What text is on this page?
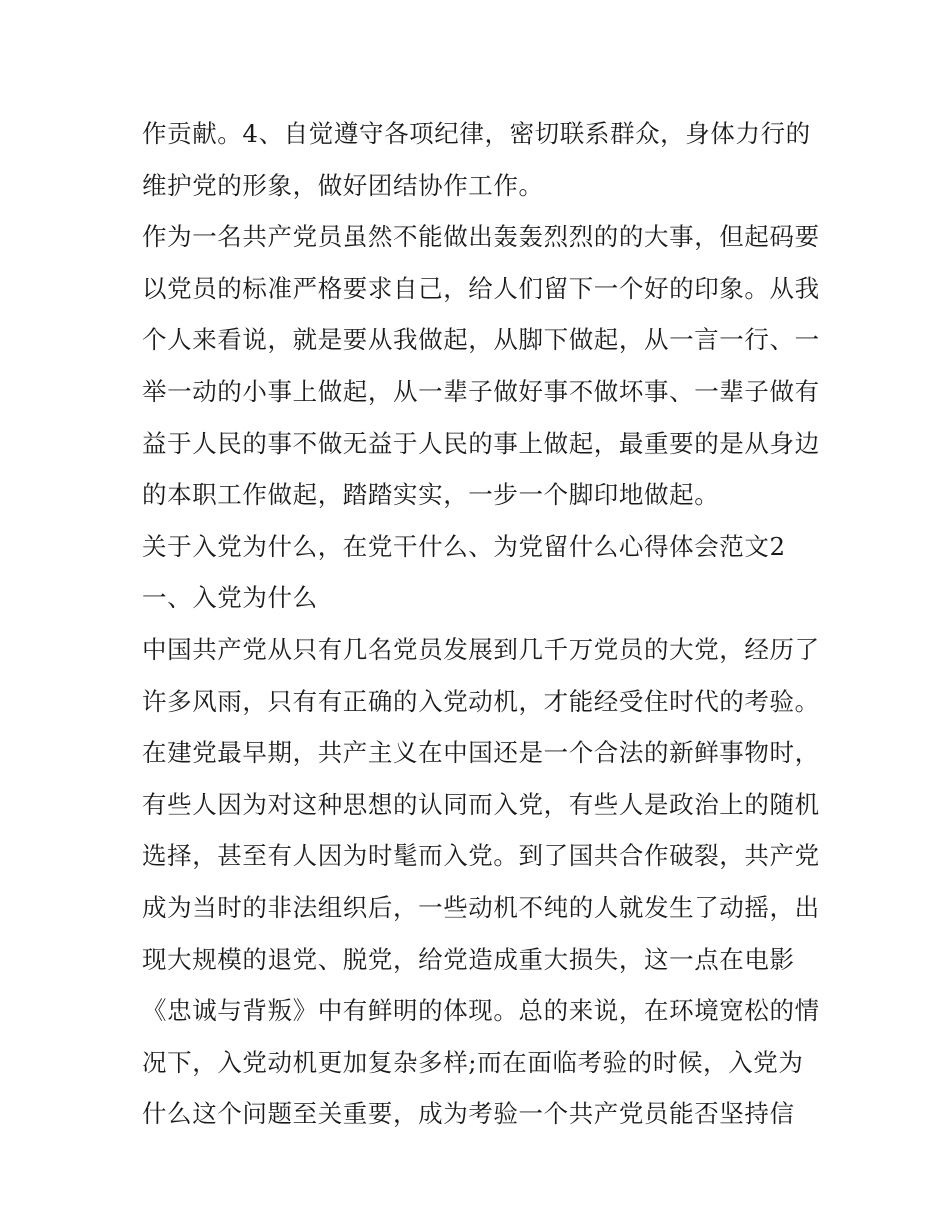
作贡献。4、自觉遵守各项纪律，密切联系群众，身体力行的
维护党的形象，做好团结协作工作。
作为一名共产党员虽然不能做出轰轰烈烈的的大事，但起码要
以党员的标准严格要求自己，给人们留下一个好的印象。从我
个人来看说，就是要从我做起，从脚下做起，从一言一行、一
举一动的小事上做起，从一辈子做好事不做坏事、一辈子做有
益于人民的事不做无益于人民的事上做起，最重要的是从身边
的本职工作做起，踏踏实实，一步一个脚印地做起。
关于入党为什么，在党干什么、为党留什么心得体会范文2
一、入党为什么
中国共产党从只有几名党员发展到几千万党员的大党，经历了
许多风雨，只有有正确的入党动机，才能经受住时代的考验。
在建党最早期，共产主义在中国还是一个合法的新鲜事物时，
有些人因为对这种思想的认同而入党，有些人是政治上的随机
选择，甚至有人因为时髦而入党。到了国共合作破裂，共产党
成为当时的非法组织后，一些动机不纯的人就发生了动摇，出
现大规模的退党、脱党，给党造成重大损失，这一点在电影
《忠诚与背叛》中有鲜明的体现。总的来说，在环境宽松的情
况下，入党动机更加复杂多样;而在面临考验的时候，入党为
什么这个问题至关重要，成为考验一个共产党员能否坚持信
